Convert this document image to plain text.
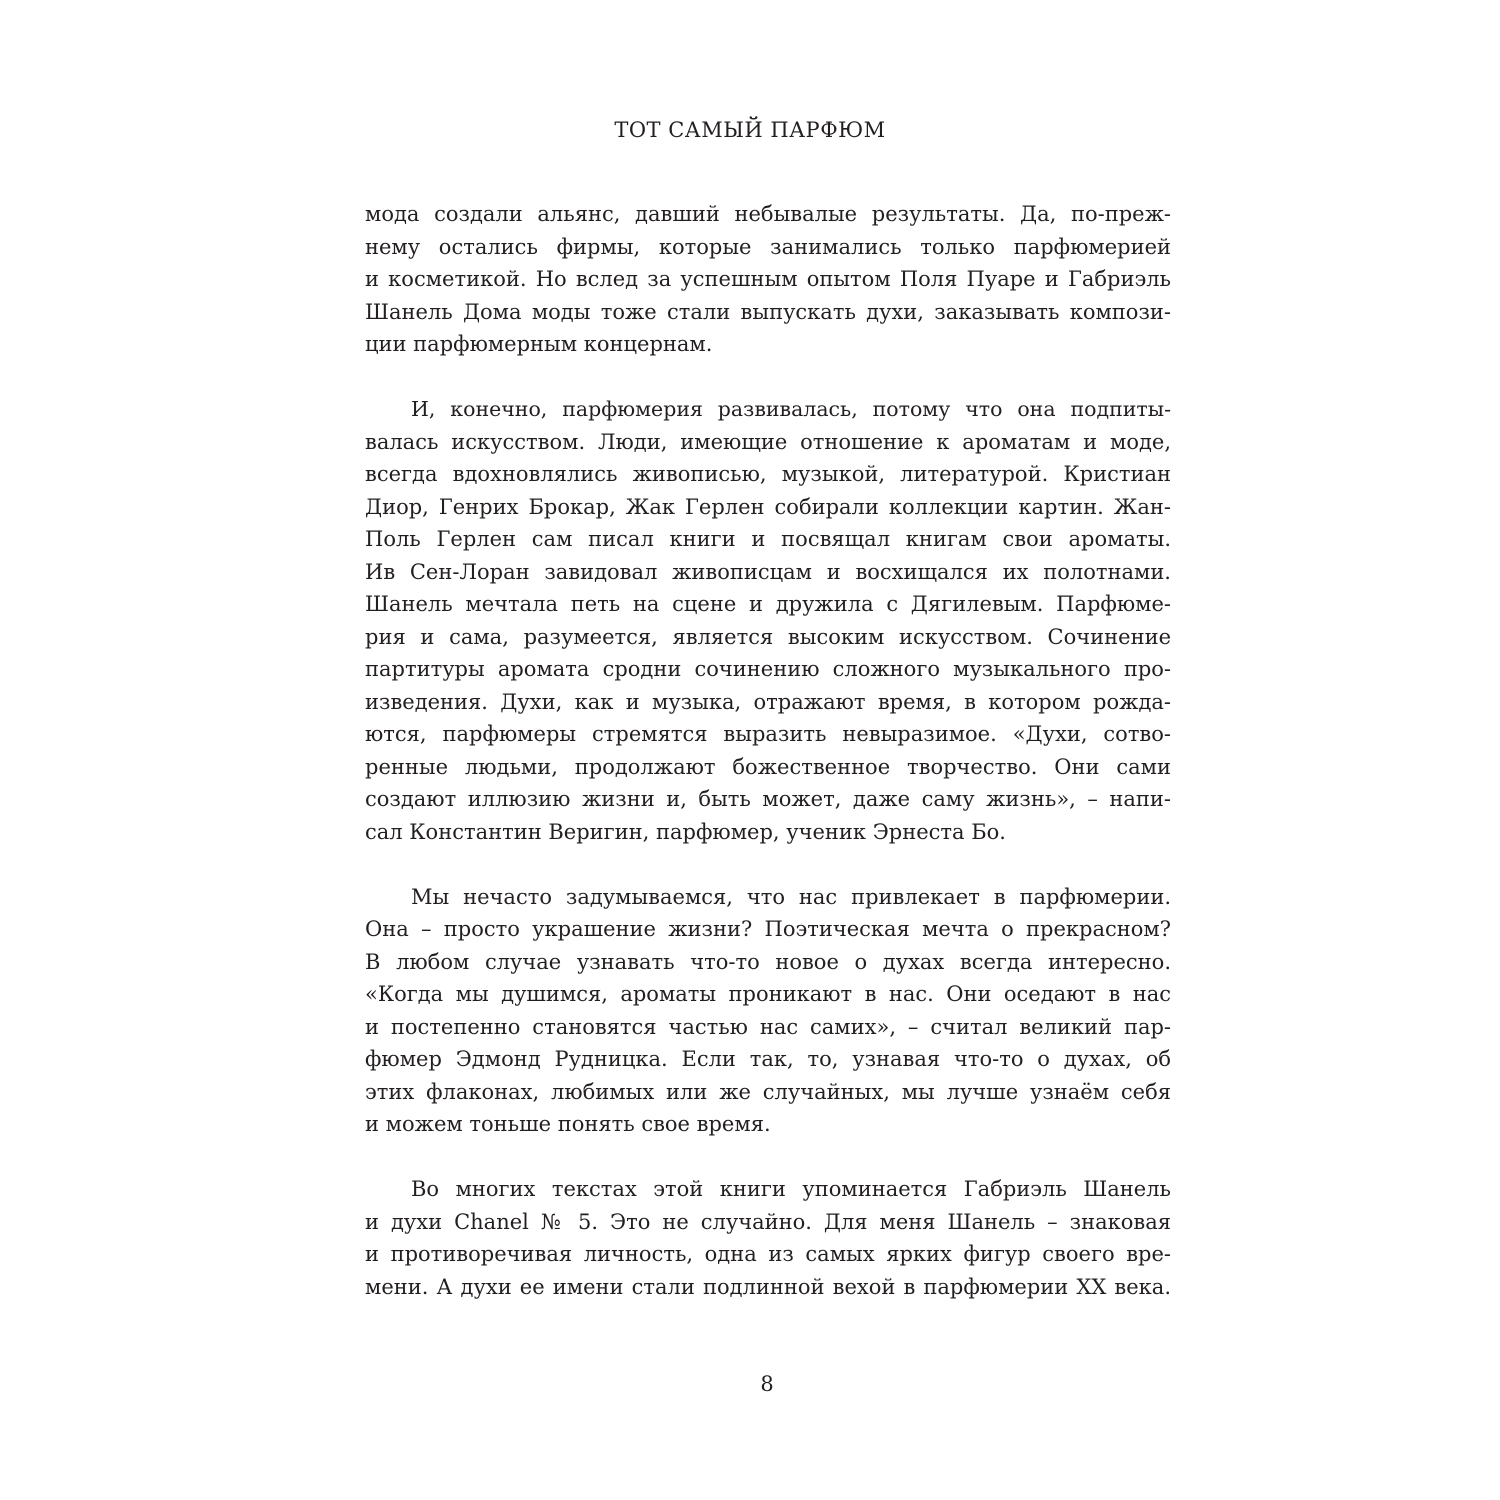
ТОТ САМЫЙ ПАРФЮМ
мода создали альянс, давший небывалые результаты. Да, по-преж-
нему остались фирмы, которые занимались только парфюмерией
и косметикой. Но вслед за успешным опытом Поля Пуаре и Габриэль
Шанель Дома моды тоже стали выпускать духи, заказывать компози-
ции парфюмерным концернам.
И, конечно, парфюмерия развивалась, потому что она подпиты-
валась искусством. Люди, имеющие отношение к ароматам и моде,
всегда вдохновлялись живописью, музыкой, литературой. Кристиан
Диор, Генрих Брокар, Жак Герлен собирали коллекции картин. Жан-
Поль Герлен сам писал книги и посвящал книгам свои ароматы.
Ив Сен-Лоран завидовал живописцам и восхищался их полотнами.
Шанель мечтала петь на сцене и дружила с Дягилевым. Парфюме-
рия и сама, разумеется, является высоким искусством. Сочинение
партитуры аромата сродни сочинению сложного музыкального про-
изведения. Духи, как и музыка, отражают время, в котором рожда-
ются, парфюмеры стремятся выразить невыразимое. «Духи, сотво-
ренные людьми, продолжают божественное творчество. Они сами
создают иллюзию жизни и, быть может, даже саму жизнь», – напи-
сал Константин Веригин, парфюмер, ученик Эрнеста Бо.
Мы нечасто задумываемся, что нас привлекает в парфюмерии.
Она – просто украшение жизни? Поэтическая мечта о прекрасном?
В любом случае узнавать что-то новое о духах всегда интересно.
«Когда мы душимся, ароматы проникают в нас. Они оседают в нас
и постепенно становятся частью нас самих», – считал великий пар-
фюмер Эдмонд Рудницка. Если так, то, узнавая что-то о духах, об
этих флаконах, любимых или же случайных, мы лучше узнаём себя
и можем тоньше понять свое время.
Во многих текстах этой книги упоминается Габриэль Шанель
и духи Chanel № 5. Это не случайно. Для меня Шанель – знаковая
и противоречивая личность, одна из самых ярких фигур своего вре-
мени. А духи ее имени стали подлинной вехой в парфюмерии XX века.
8
